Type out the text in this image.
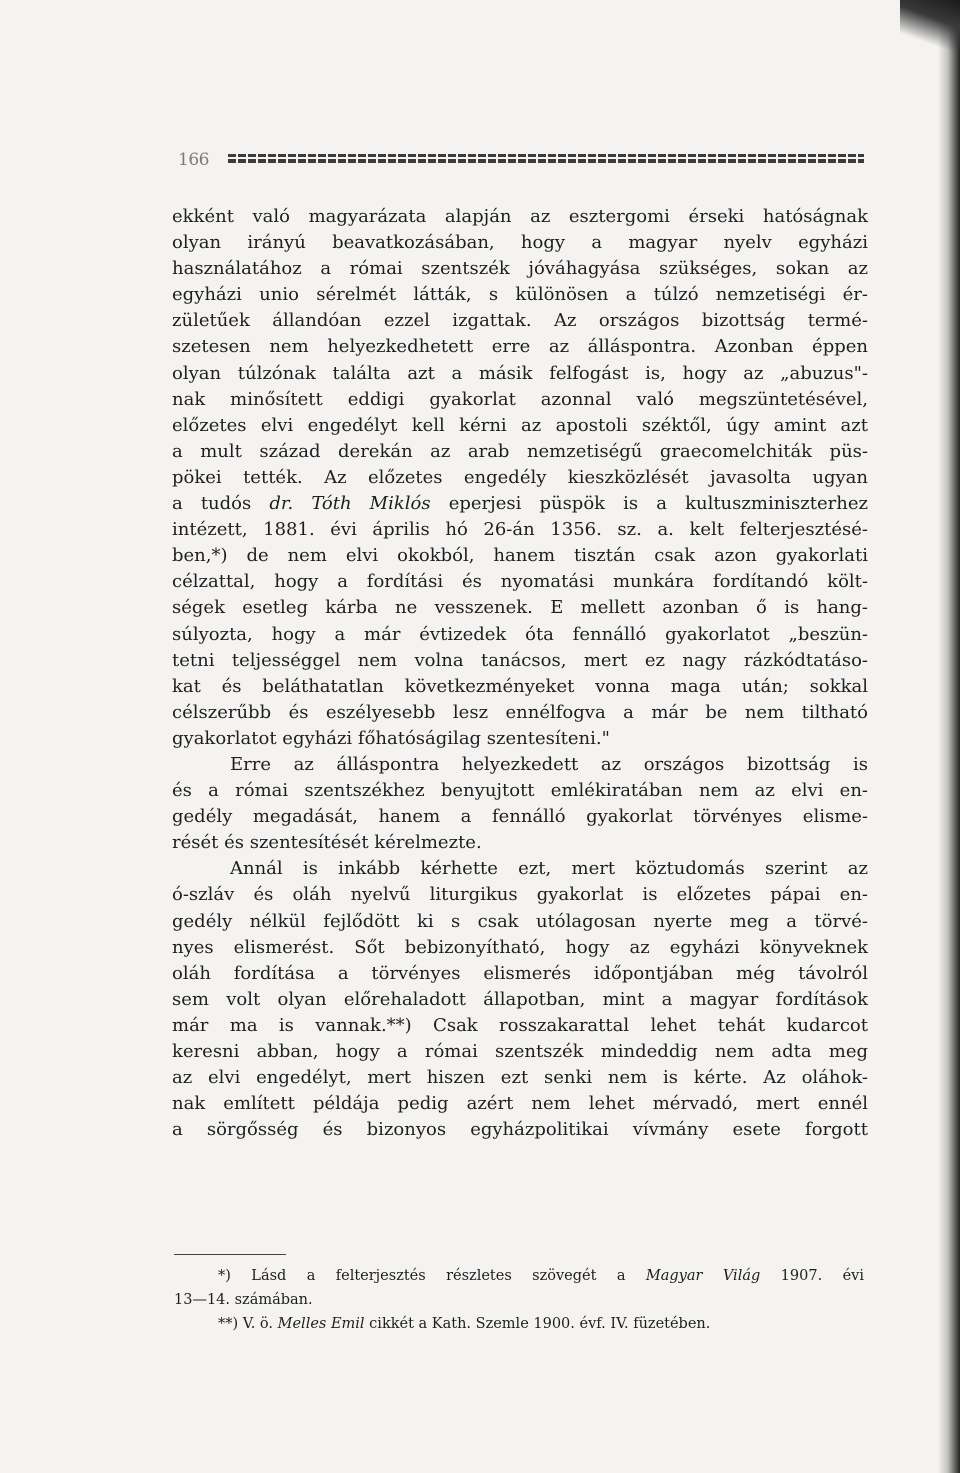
166
ekként való magyarázata alapján az esztergomi érseki hatóságnak
olyan irányú beavatkozásában, hogy a magyar nyelv egyházi
használatához a római szentszék jóváhagyása szükséges, sokan az
egyházi unio sérelmét látták, s különösen a túlzó nemzetiségi ér-
zületűek állandóan ezzel izgattak. Az országos bizottság termé-
szetesen nem helyezkedhetett erre az álláspontra. Azonban éppen
olyan túlzónak találta azt a másik felfogást is, hogy az „abuzus"-
nak minősített eddigi gyakorlat azonnal való megszüntetésével,
előzetes elvi engedélyt kell kérni az apostoli széktől, úgy amint azt
a mult század derekán az arab nemzetiségű graecomelchiták püs-
pökei tették. Az előzetes engedély kieszközlését javasolta ugyan
a tudós dr. Tóth Miklós eperjesi püspök is a kultuszminiszterhez
intézett, 1881. évi április hó 26-án 1356. sz. a. kelt felterjesztésé-
ben,*) de nem elvi okokból, hanem tisztán csak azon gyakorlati
célzattal, hogy a fordítási és nyomatási munkára fordítandó költ-
ségek esetleg kárba ne vesszenek. E mellett azonban ő is hang-
súlyozta, hogy a már évtizedek óta fennálló gyakorlatot „beszün-
tetni teljességgel nem volna tanácsos, mert ez nagy rázkódtatáso-
kat és beláthatatlan következményeket vonna maga után; sokkal
célszerűbb és eszélyesebb lesz ennélfogva a már be nem tiltható
gyakorlatot egyházi főhatóságilag szentesíteni."
Erre az álláspontra helyezkedett az országos bizottság is
és a római szentszékhez benyujtott emlékiratában nem az elvi en-
gedély megadását, hanem a fennálló gyakorlat törvényes elisme-
rését és szentesítését kérelmezte.
Annál is inkább kérhette ezt, mert köztudomás szerint az
ó-szláv és oláh nyelvű liturgikus gyakorlat is előzetes pápai en-
gedély nélkül fejlődött ki s csak utólagosan nyerte meg a törvé-
nyes elismerést. Sőt bebizonyítható, hogy az egyházi könyveknek
oláh fordítása a törvényes elismerés időpontjában még távolról
sem volt olyan előrehaladott állapotban, mint a magyar fordítások
már ma is vannak.**) Csak rosszakarattal lehet tehát kudarcot
keresni abban, hogy a római szentszék mindeddig nem adta meg
az elvi engedélyt, mert hiszen ezt senki nem is kérte. Az oláhok-
nak említett példája pedig azért nem lehet mérvadó, mert ennél
a sörgősség és bizonyos egyházpolitikai vívmány esete forgott
*) Lásd a felterjesztés részletes szövegét a Magyar Világ 1907. évi
13—14. számában.
**) V. ö. Melles Emil cikkét a Kath. Szemle 1900. évf. IV. füzetében.
